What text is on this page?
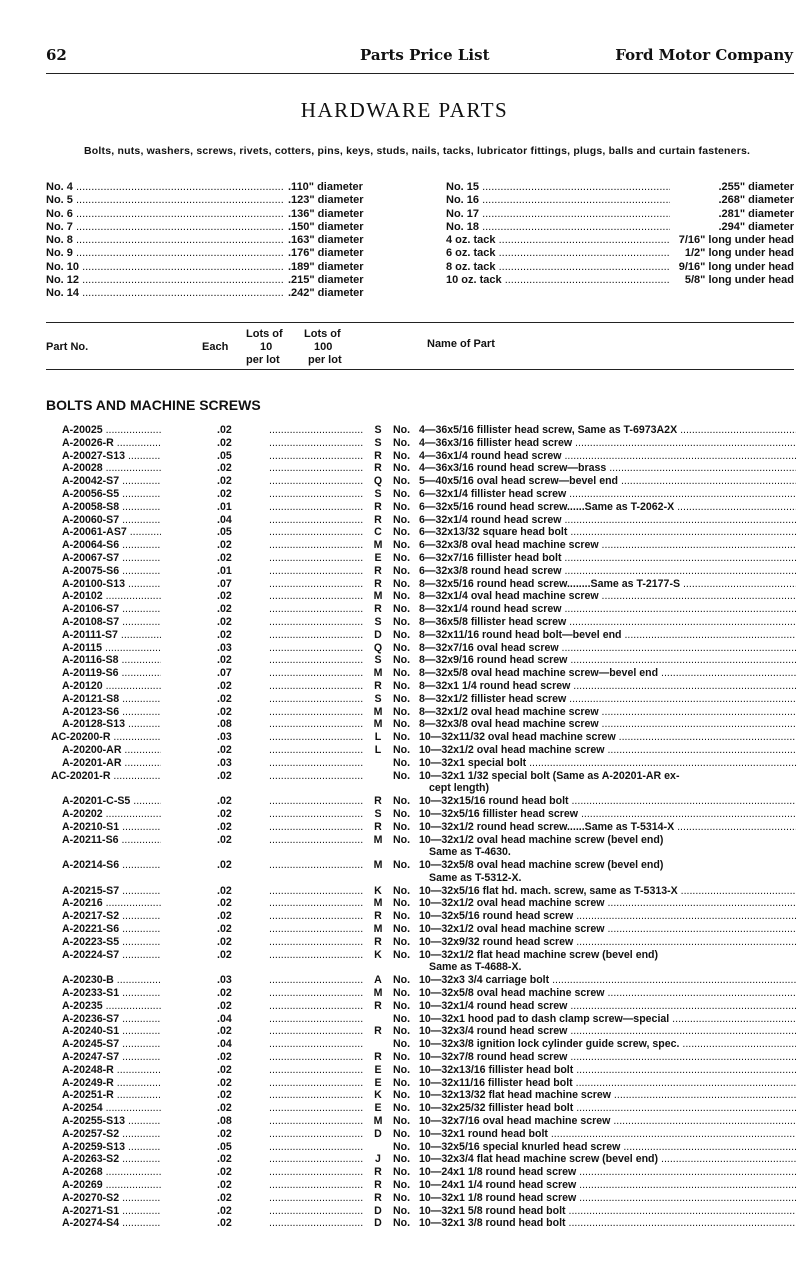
62	Parts Price List	Ford Motor Company
HARDWARE PARTS
Bolts, nuts, washers, screws, rivets, cotters, pins, keys, studs, nails, tacks, lubricator fittings, plugs, balls and curtain fasteners.
No. 4 .....	.110" diameter
No. 5 .....	.123" diameter
No. 6 .....	.136" diameter
No. 7 .....	.150" diameter
No. 8 .....	.163" diameter
No. 9 .....	.176" diameter
No. 10 .....	.189" diameter
No. 12 .....	.215" diameter
No. 14 .....	.242" diameter
No. 15 .....	.255" diameter
No. 16 .....	.268" diameter
No. 17 .....	.281" diameter
No. 18 .....	.294" diameter
4 oz. tack .....	7/16" long under head
6 oz. tack .....	1/2" long under head
8 oz. tack .....	9/16" long under head
10 oz. tack .....	5/8" long under head
Part No.	Each
Lots of
10
per lot
Lots of
100
per lot
Name of Part
BOLTS AND MACHINE SCREWS
A-20025 .....	.02 .....	S	No. 4—36x5/16 fillister head screw, Same as T-6973A2X .....
A-20026-R .....	.02 .....	S	No. 4—36x3/16 fillister head screw .....
A-20027-S13 .....	.05 .....	R	No. 4—36x1/4 round head screw .....
A-20028 .....	.02 .....	R	No. 4—36x3/16 round head screw—brass .....
A-20042-S7 .....	.02 .....	Q	No. 5—40x5/16 oval head screw—bevel end .....
A-20056-S5 .....	.02 .....	S	No. 6—32x1/4 fillister head screw .....
A-20058-S8 .....	.01 .....	R	No. 6—32x5/16 round head screw......Same as T-2062-X .....
A-20060-S7 .....	.04 .....	R	No. 6—32x1/4 round head screw .....
A-20061-AS7 .....	.05 .....	C	No. 6—32x13/32 square head bolt .....
A-20064-S6 .....	.02 .....	M No. 6—32x3/8 oval head machine screw .....
A-20067-S7 .....	.02 .....	E	No. 6—32x7/16 fillister head bolt .....
A-20075-S6 .....	.01 .....	R	No. 6—32x3/8 round head screw .....
A-20100-S13 .....	.07 .....	R	No. 8—32x5/16 round head screw........Same as T-2177-S .....
A-20102 .....	.02 .....	M No. 8—32x1/4 oval head machine screw .....
A-20106-S7 .....	.02 .....	R	No. 8—32x1/4 round head screw .....
A-20108-S7 .....	.02 .....	S	No. 8—36x5/8 fillister head screw .....
A-20111-S7 .....	.02 .....	D	No. 8—32x11/16 round head bolt—bevel end .....
A-20115 .....	.03 .....	Q	No. 8—32x7/16 oval head screw .....
A-20116-S8 .....	.02 .....	S	No. 8—32x9/16 round head screw .....
A-20119-S6 .....	.07 .....	M No. 8—32x5/8 oval head machine screw—bevel end .....
A-20120 .....	.02 .....	R	No. 8—32x1 1/4 round head screw .....
A-20121-S8 .....	.02 .....	S	No. 8—32x1/2 fillister head screw .....
A-20123-S6 .....	.02 .....	M No. 8—32x1/2 oval head machine screw .....
A-20128-S13 .....	.08 .....	M No. 8—32x3/8 oval head machine screw .....
AC-20200-R .....	.03 .....	L	No. 10—32x11/32 oval head machine screw .....
A-20200-AR .....	.02 .....	L	No. 10—32x1/2 oval head machine screw .....
A-20201-AR .....	.03 .....	No. 10—32x1 special bolt .....
AC-20201-R .....	.02 .....	No. 10—32x1 1/32 special bolt (Same as A-20201-AR ex-
cept length)
A-20201-C-S5 .....	.02 .....	R	No. 10—32x15/16 round head bolt .....
A-20202 .....	.02 .....	S	No. 10—32x5/16 fillister head screw .....
A-20210-S1 .....	.02 .....	R	No. 10—32x1/2 round head screw......Same as T-5314-X .....
A-20211-S6 .....	.02 .....	M No. 10—32x1/2 oval head machine screw (bevel end)
Same as T-4630.
A-20214-S6 .....	.02 .....	M No. 10—32x5/8 oval head machine screw (bevel end)
Same as T-5312-X.
A-20215-S7 .....	.02 .....	K	No. 10—32x5/16 flat hd. mach. screw, same as T-5313-X .....
A-20216 .....	.02 .....	M No. 10—32x1/2 oval head machine screw .....
A-20217-S2 .....	.02 .....	R	No. 10—32x5/16 round head screw .....
A-20221-S6 .....	.02 .....	M No. 10—32x1/2 oval head machine screw .....
A-20223-S5 .....	.02 .....	R	No. 10—32x9/32 round head screw .....
A-20224-S7 .....	.02 .....	K	No. 10—32x1/2 flat head machine screw (bevel end)
Same as T-4688-X.
A-20230-B .....	.03 .....	A	No. 10—32x3 3/4 carriage bolt .....
A-20233-S1 .....	.02 .....	M No. 10—32x5/8 oval head machine screw .....
A-20235 .....	.02 .....	R	No. 10—32x1/4 round head screw .....
A-20236-S7 .....	.04 .....	No. 10—32x1 hood pad to dash clamp screw—special .....
A-20240-S1 .....	.02 .....	R	No. 10—32x3/4 round head screw .....
A-20245-S7 .....	.04 .....	No. 10—32x3/8 ignition lock cylinder guide screw, spec. .....
A-20247-S7 .....	.02 .....	R	No. 10—32x7/8 round head screw .....
A-20248-R .....	.02 .....	E	No. 10—32x13/16 fillister head bolt .....
A-20249-R .....	.02 .....	E	No. 10—32x11/16 fillister head bolt .....
A-20251-R .....	.02 .....	K	No. 10—32x13/32 flat head machine screw .....
A-20254 .....	.02 .....	E	No. 10—32x25/32 fillister head bolt .....
A-20255-S13 .....	.08 .....	M No. 10—32x7/16 oval head machine screw .....
A-20257-S2 .....	.02 .....	D	No. 10—32x1 round head bolt .....
A-20259-S13 .....	.05 .....	No. 10—32x5/16 special knurled head screw .....
A-20263-S2 .....	.02 .....	J	No. 10—32x3/4 flat head machine screw (bevel end) .....
A-20268 .....	.02 .....	R	No. 10—24x1 1/8 round head screw .....
A-20269 .....	.02 .....	R	No. 10—24x1 1/4 round head screw .....
A-20270-S2 .....	.02 .....	R	No. 10—32x1 1/8 round head screw .....
A-20271-S1 .....	.02 .....	D	No. 10—32x1 5/8 round head bolt .....
A-20274-S4 .....	.02 .....	D	No. 10—32x1 3/8 round head bolt .....
